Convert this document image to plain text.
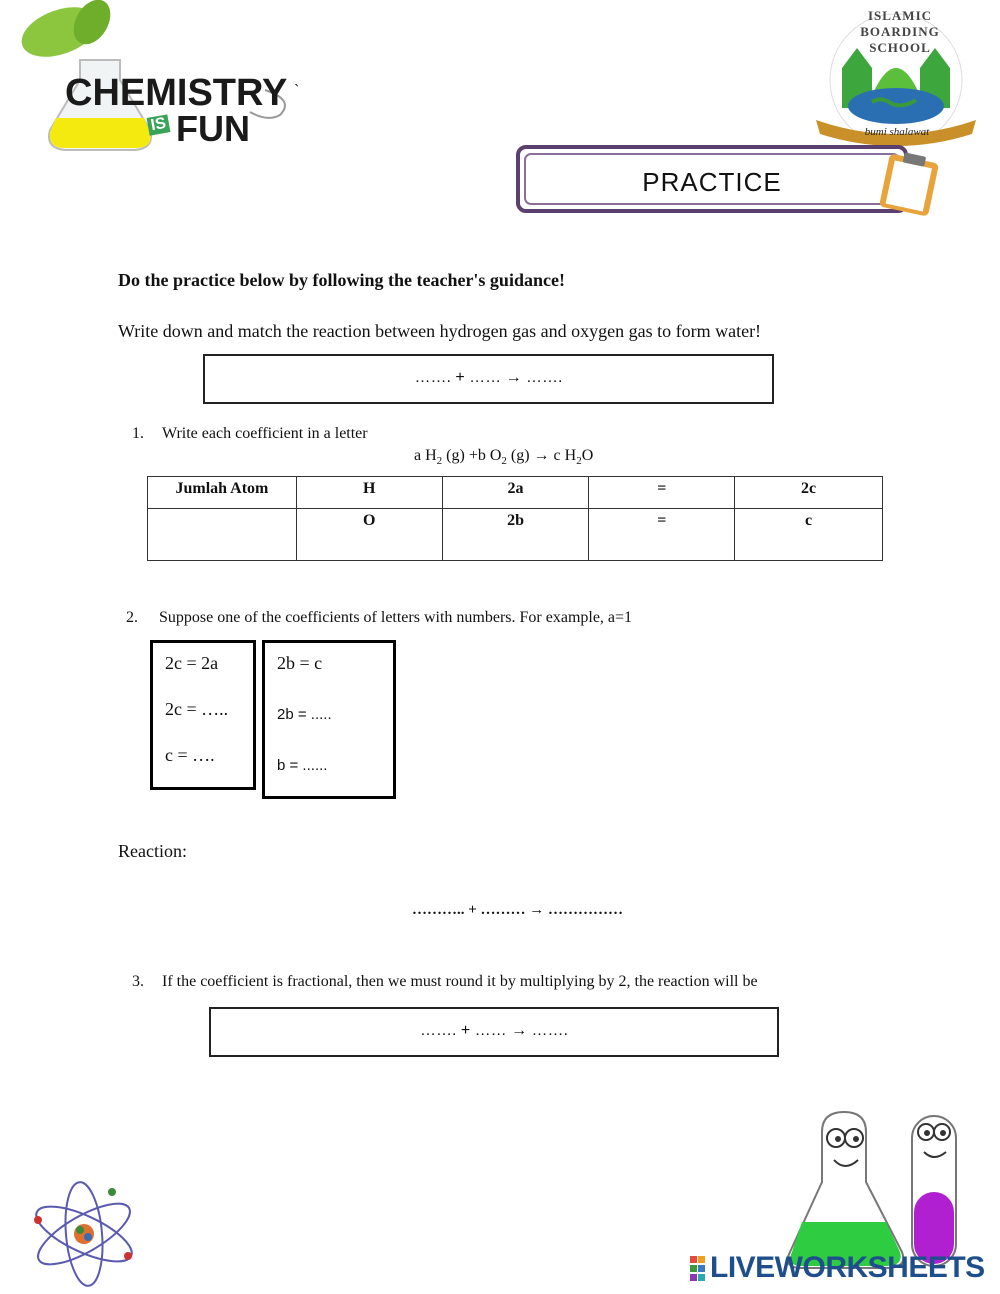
CHEMISTRY
IS FUN
`
ISLAMIC BOARDING SCHOOL
bumi shalawat
PRACTICE
Do the practice below by following the teacher's guidance!
Write down and match the reaction between hydrogen gas and oxygen gas to form water!
……. + …… → …….
1. Write each coefficient in a letter
a $H_2$ (g) +b $O_2$ (g) → c $H_2O$
Jumlah Atom	H	2a	=	2c
	O	2b	=	c
2. Suppose one of the coefficients of letters with numbers. For example, a=1
2c = 2a
2c = …..
c = ….
2b = c
2b = .....
b = ......
Reaction:
……….. + ……… → ……………
3. If the coefficient is fractional, then we must round it by multiplying by 2, the reaction will be
……. + …… → …….
LIVEWORKSHEETS
